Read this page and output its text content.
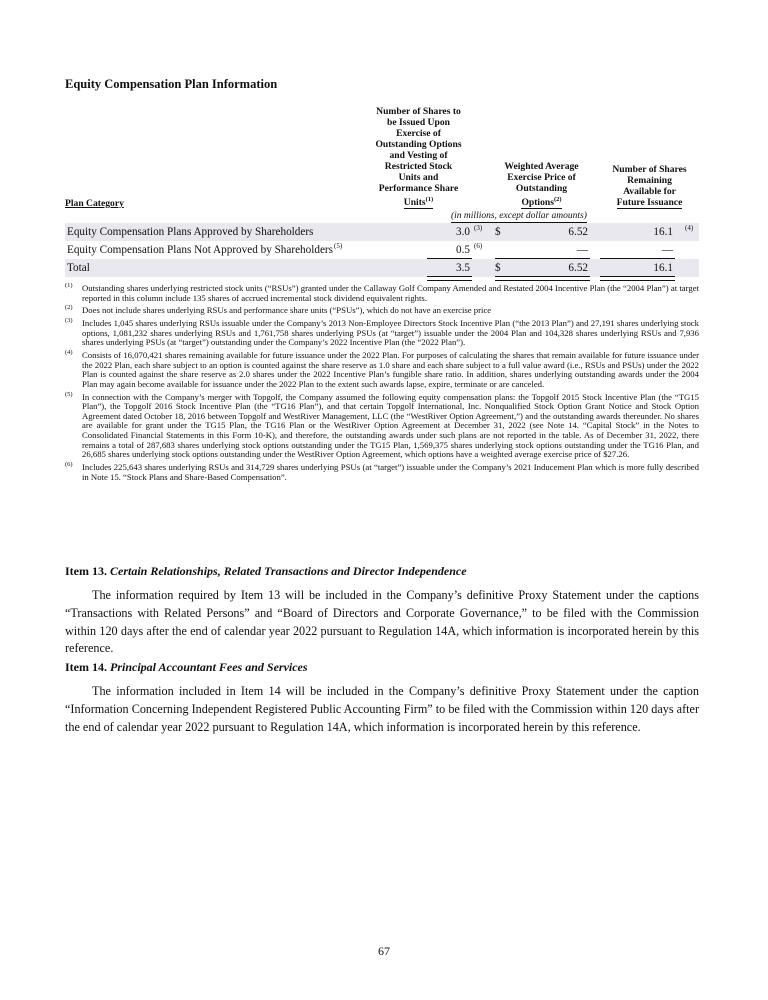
Equity Compensation Plan Information
Plan Category
Number of Shares to
be Issued Upon
Exercise of
Outstanding Options
and Vesting of
Restricted Stock
Units and
Performance Share
Units$^{(1)}$
Weighted Average
Exercise Price of
Outstanding
Options$^{(2)}$
Number of Shares
Remaining
Available for
Future Issuance
(in millions, except dollar amounts)
Equity Compensation Plans Approved by Shareholders	3.0 (3) $	6.52	16.1 (4)
Equity Compensation Plans Not Approved by Shareholders$^{(5)}$	0.5 (6)	—	—
Total	3.5 $	6.52	16.1
(1) Outstanding shares underlying restricted stock units (“RSUs”) granted under the Callaway Golf Company Amended and Restated 2004 Incentive Plan (the “2004 Plan”) at target reported in this column include 135 shares of accrued incremental stock dividend equivalent rights.
(2) Does not include shares underlying RSUs and performance share units (“PSUs”), which do not have an exercise price
(3) Includes 1,045 shares underlying RSUs issuable under the Company’s 2013 Non-Employee Directors Stock Incentive Plan (“the 2013 Plan”) and 27,191 shares underlying stock options, 1,081,232 shares underlying RSUs and 1,761,758 shares underlying PSUs (at “target”) issuable under the 2004 Plan and 104,328 shares underlying RSUs and 7,936 shares underlying PSUs (at “target”) outstanding under the Company’s 2022 Incentive Plan (the “2022 Plan”).
(4) Consists of 16,070,421 shares remaining available for future issuance under the 2022 Plan. For purposes of calculating the shares that remain available for future issuance under the 2022 Plan, each share subject to an option is counted against the share reserve as 1.0 share and each share subject to a full value award (i.e., RSUs and PSUs) under the 2022 Plan is counted against the share reserve as 2.0 shares under the 2022 Incentive Plan’s fungible share ratio. In addition, shares underlying outstanding awards under the 2004 Plan may again become available for issuance under the 2022 Plan to the extent such awards lapse, expire, terminate or are canceled.
(5) In connection with the Company’s merger with Topgolf, the Company assumed the following equity compensation plans: the Topgolf 2015 Stock Incentive Plan (the “TG15 Plan”), the Topgolf 2016 Stock Incentive Plan (the “TG16 Plan”), and that certain Topgolf International, Inc. Nonqualified Stock Option Grant Notice and Stock Option Agreement dated October 18, 2016 between Topgolf and WestRiver Management, LLC (the “WestRiver Option Agreement,”) and the outstanding awards thereunder. No shares are available for grant under the TG15 Plan, the TG16 Plan or the WestRiver Option Agreement at December 31, 2022 (see Note 14. “Capital Stock” in the Notes to Consolidated Financial Statements in this Form 10-K), and therefore, the outstanding awards under such plans are not reported in the table. As of December 31, 2022, there remains a total of 287,683 shares underlying stock options outstanding under the TG15 Plan, 1,569,375 shares underlying stock options outstanding under the TG16 Plan, and 26,685 shares underlying stock options outstanding under the WestRiver Option Agreement, which options have a weighted average exercise price of $27.26.
(6) Includes 225,643 shares underlying RSUs and 314,729 shares underlying PSUs (at “target”) issuable under the Company’s 2021 Inducement Plan which is more fully described in Note 15. “Stock Plans and Share-Based Compensation”.
Item 13. Certain Relationships, Related Transactions and Director Independence
The information required by Item 13 will be included in the Company’s definitive Proxy Statement under the captions “Transactions with Related Persons” and “Board of Directors and Corporate Governance,” to be filed with the Commission within 120 days after the end of calendar year 2022 pursuant to Regulation 14A, which information is incorporated herein by this reference.
Item 14. Principal Accountant Fees and Services
The information included in Item 14 will be included in the Company’s definitive Proxy Statement under the caption “Information Concerning Independent Registered Public Accounting Firm” to be filed with the Commission within 120 days after the end of calendar year 2022 pursuant to Regulation 14A, which information is incorporated herein by this reference.
67
